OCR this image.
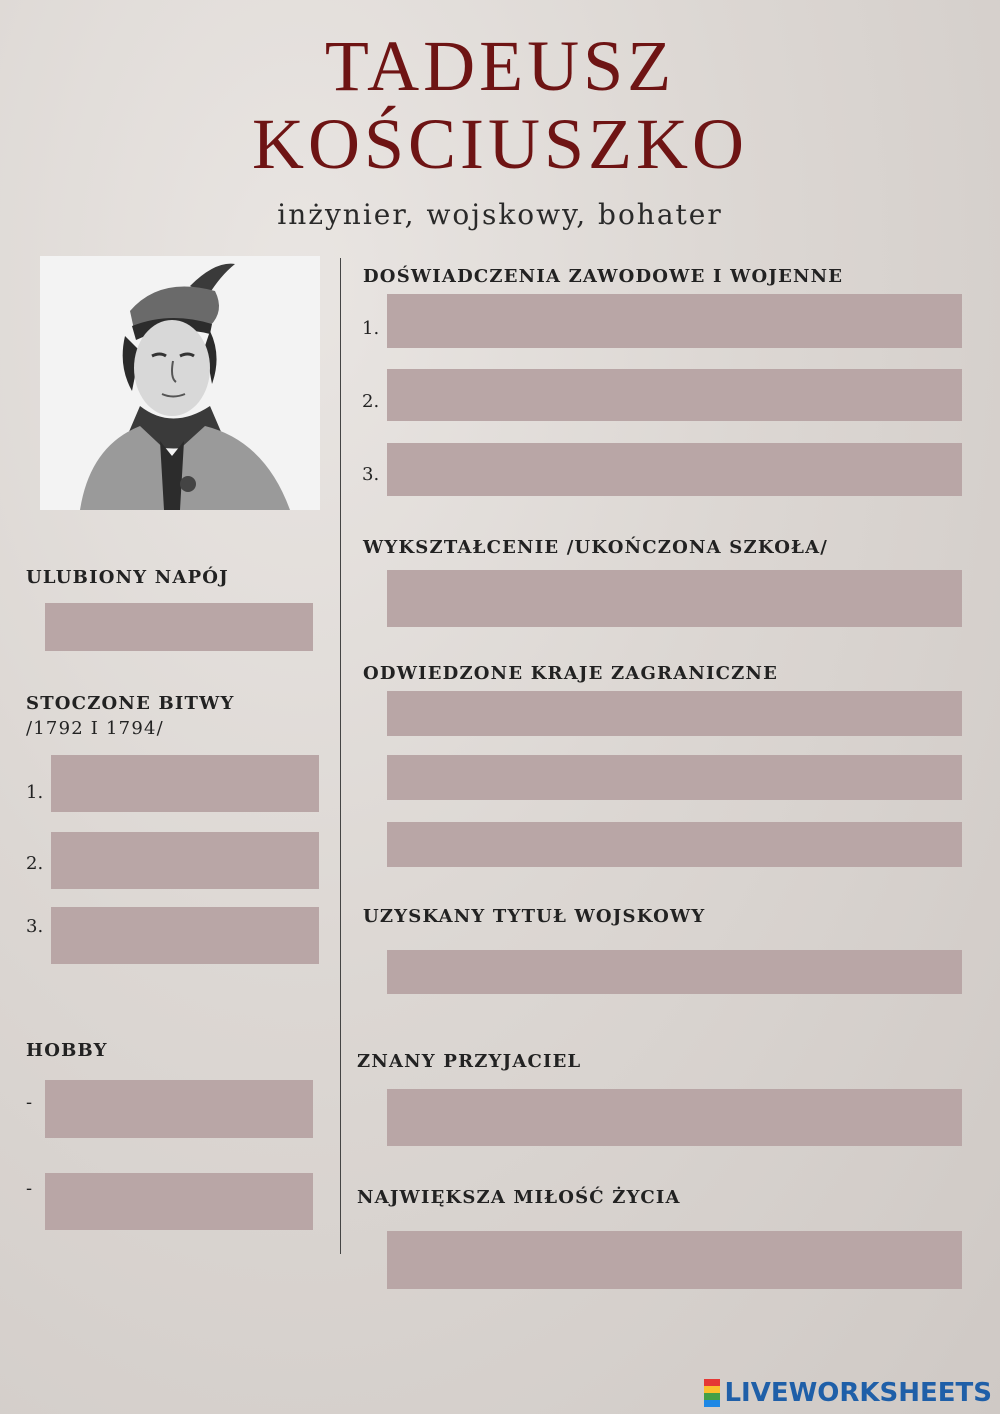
TADEUSZ
KOŚCIUSZKO
inżynier, wojskowy, bohater
ULUBIONY NAPÓJ
STOCZONE BITWY
/1792 I 1794/
1.
2.
3.
HOBBY
-
-
DOŚWIADCZENIA ZAWODOWE I WOJENNE
1.
2.
3.
WYKSZTAŁCENIE /UKOŃCZONA SZKOŁA/
ODWIEDZONE KRAJE ZAGRANICZNE
UZYSKANY TYTUŁ WOJSKOWY
ZNANY PRZYJACIEL
NAJWIĘKSZA MIŁOŚĆ ŻYCIA
LIVEWORKSHEETS
